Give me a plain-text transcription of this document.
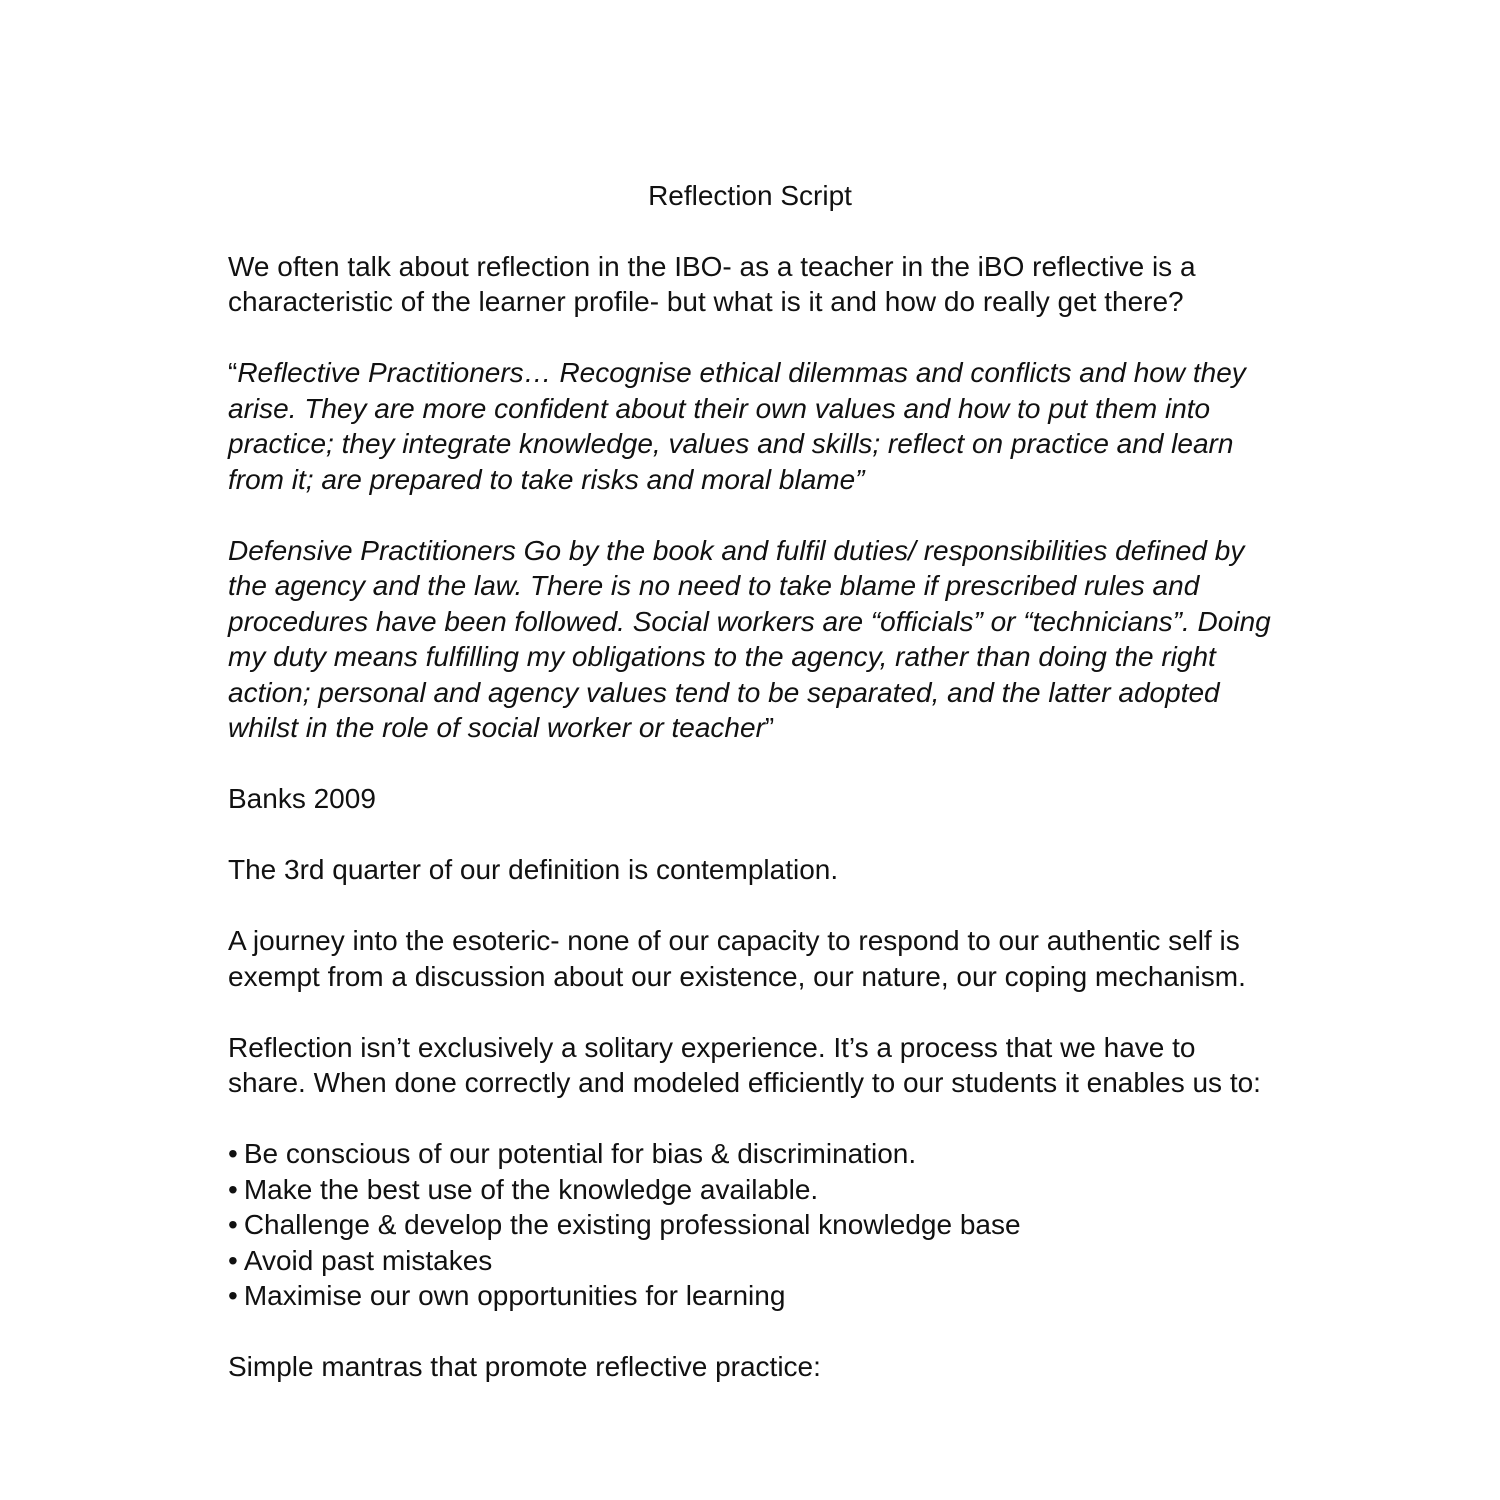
Reflection Script

We often talk about reflection in the IBO- as a teacher in the iBO reflective is a characteristic of the learner profile- but what is it and how do really get there?

“Reflective Practitioners… Recognise ethical dilemmas and conflicts and how they arise. They are more confident about their own values and how to put them into practice; they integrate knowledge, values and skills; reflect on practice and learn from it; are prepared to take risks and moral blame”

Defensive Practitioners Go by the book and fulfil duties/ responsibilities defined by the agency and the law. There is no need to take blame if prescribed rules and procedures have been followed. Social workers are “officials” or “technicians”. Doing my duty means fulfilling my obligations to the agency, rather than doing the right action; personal and agency values tend to be separated, and the latter adopted whilst in the role of social worker or teacher”

Banks 2009

The 3rd quarter of our definition is contemplation.

A journey into the esoteric- none of our capacity to respond to our authentic self is exempt from a discussion about our existence, our nature, our coping mechanism.

Reflection isn’t exclusively a solitary experience. It’s a process that we have to share. When done correctly and modeled efficiently to our students it enables us to:

• Be conscious of our potential for bias & discrimination.
• Make the best use of the knowledge available.
• Challenge & develop the existing professional knowledge base
• Avoid past mistakes
• Maximise our own opportunities for learning

Simple mantras that promote reflective practice:
